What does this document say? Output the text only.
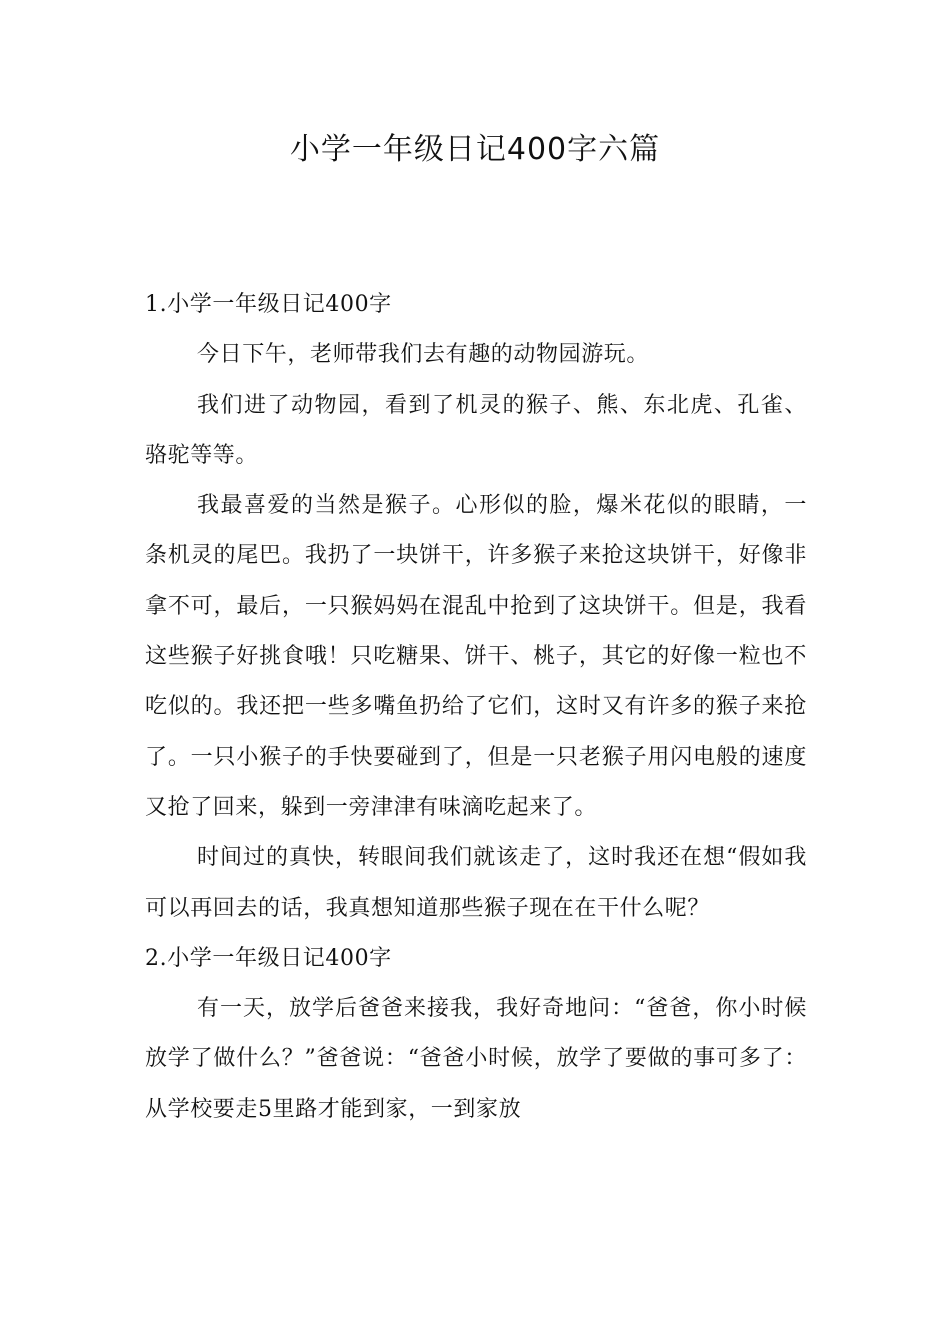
小学一年级日记400字六篇
1.小学一年级日记400字

今日下午，老师带我们去有趣的动物园游玩。

我们进了动物园，看到了机灵的猴子、熊、东北虎、孔雀、骆驼等等。

我最喜爱的当然是猴子。心形似的脸，爆米花似的眼睛，一条机灵的尾巴。我扔了一块饼干，许多猴子来抢这块饼干，好像非拿不可，最后，一只猴妈妈在混乱中抢到了这块饼干。但是，我看这些猴子好挑食哦！只吃糖果、饼干、桃子，其它的好像一粒也不吃似的。我还把一些多嘴鱼扔给了它们，这时又有许多的猴子来抢了。一只小猴子的手快要碰到了，但是一只老猴子用闪电般的速度又抢了回来，躲到一旁津津有味滴吃起来了。

时间过的真快，转眼间我们就该走了，这时我还在想“假如我可以再回去的话，我真想知道那些猴子现在在干什么呢？

2.小学一年级日记400字

有一天，放学后爸爸来接我，我好奇地问：“爸爸，你小时候放学了做什么？”爸爸说：“爸爸小时候，放学了要做的事可多了：从学校要走5里路才能到家，一到家放
